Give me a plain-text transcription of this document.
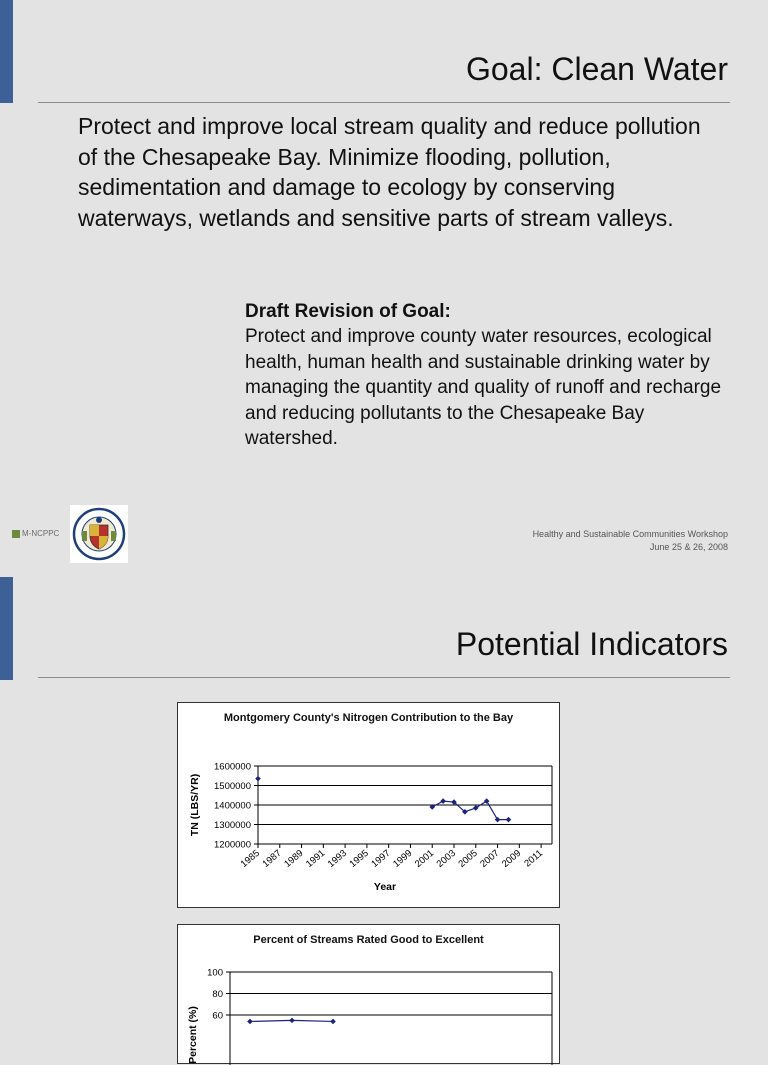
Goal: Clean Water

Protect and improve local stream quality and reduce pollution of the Chesapeake Bay. Minimize flooding, pollution, sedimentation and damage to ecology by conserving waterways, wetlands and sensitive parts of stream valleys.

Draft Revision of Goal:

Protect and improve county water resources, ecological health, human health and sustainable drinking water by managing the quantity and quality of runoff and recharge and reducing pollutants to the Chesapeake Bay watershed.

M-NCPPC	Healthy and Sustainable Communities Workshop
June 25 & 26, 2008
Potential Indicators
Montgomery County's Nitrogen Contribution to the Bay
1200000
1300000
1400000
1500000
1600000
1985
1987
1989
1991
1993
1995
1997
1999
2001
2003
2005
2007
2009 2011
Year
TN (LBS/YR)
Percent of Streams Rated Good to Excellent
60
80
100
Percent (%)
